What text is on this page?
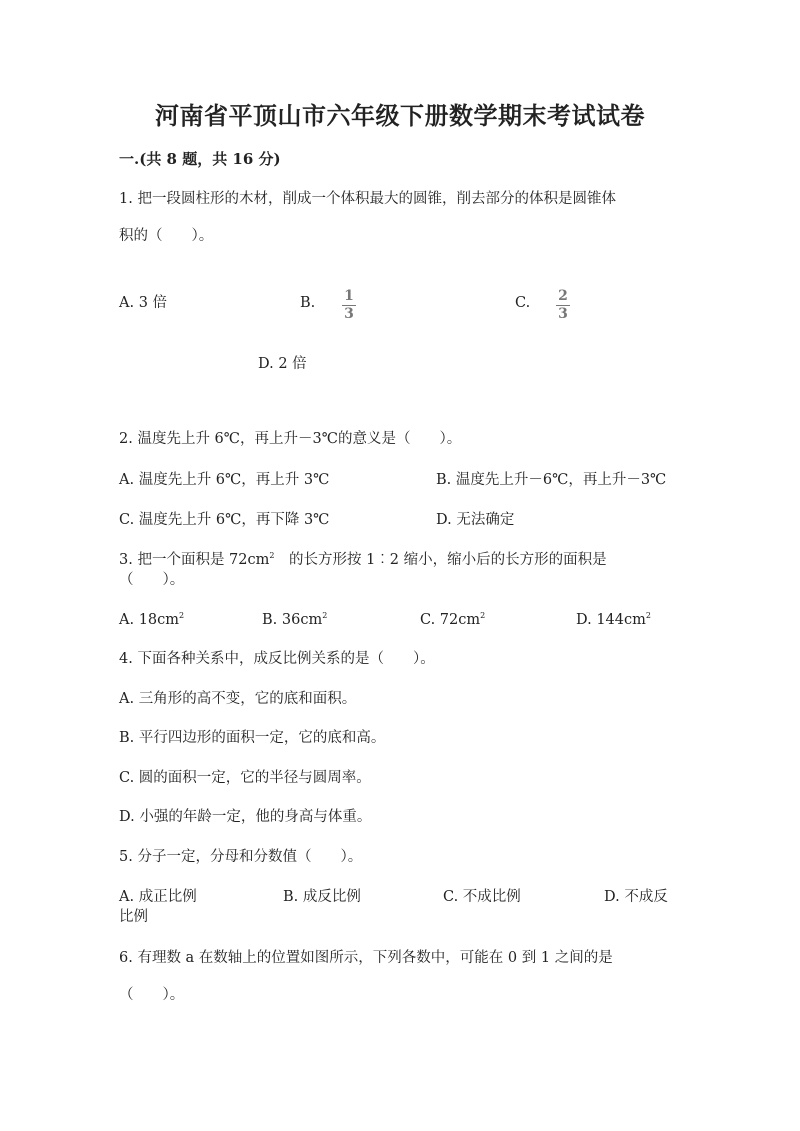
河南省平顶山市六年级下册数学期末考试试卷
一.(共 8 题，共 16 分)
1. 把一段圆柱形的木材，削成一个体积最大的圆锥，削去部分的体积是圆锥体
积的（　　）。
A. 3 倍	B. 1
3
C. 2
3
D. 2 倍
2. 温度先上升 6℃，再上升－3℃的意义是（　　）。
A. 温度先上升 6℃，再上升 3℃	B. 温度先上升－6℃，再上升－3℃
C. 温度先上升 6℃，再下降 3℃	D. 无法确定
3. 把一个面积是 $72cm^2$　的长方形按 1︰2 缩小，缩小后的长方形的面积是
（　　）。
A. $18cm^2$	B. $36cm^2$	C. $72cm^2$	D. $144cm^2$
4. 下面各种关系中，成反比例关系的是（　　）。
A. 三角形的高不变，它的底和面积。
B. 平行四边形的面积一定，它的底和高。
C. 圆的面积一定，它的半径与圆周率。
D. 小强的年龄一定，他的身高与体重。
5. 分子一定，分母和分数值（　　）。
A. 成正比例	B. 成反比例	C. 不成比例	D. 不成反
比例
6. 有理数 a 在数轴上的位置如图所示，下列各数中，可能在 0 到 1 之间的是
（　　）。
